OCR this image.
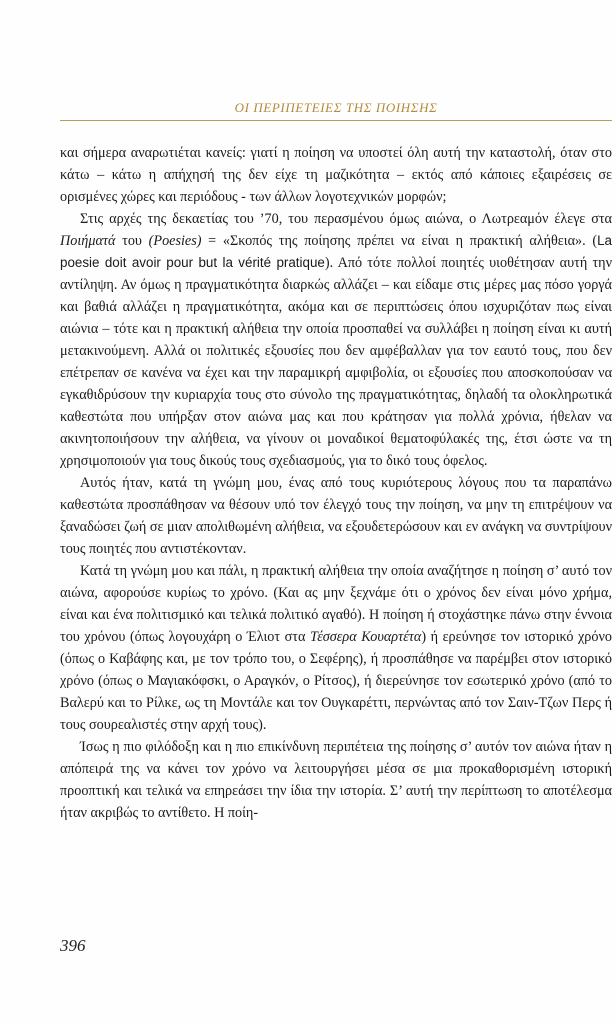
ΟΙ ΠΕΡΙΠΕΤΕΙΕΣ ΤΗΣ ΠΟΙΗΣΗΣ

και σήμερα αναρωτιέται κανείς: γιατί η ποίηση να υποστεί όλη αυτή την καταστολή, όταν στο κάτω – κάτω η απήχησή της δεν είχε τη μαζικότητα – εκτός από κάποιες εξαιρέσεις σε ορισμένες χώρες και περιόδους - των άλλων λογοτεχνικών μορφών;

Στις αρχές της δεκαετίας του ’70, του περασμένου όμως αιώνα, ο Λωτρεαμόν έλεγε στα Ποιήματά του (Poesies) = «Σκοπός της ποίησης πρέπει να είναι η πρακτική αλήθεια». (La poesie doit avoir pour but la vérité pratique). Από τότε πολλοί ποιητές υιοθέτησαν αυτή την αντίληψη. Αν όμως η πραγματικότητα διαρκώς αλλάζει – και είδαμε στις μέρες μας πόσο γοργά και βαθιά αλλάζει η πραγματικότητα, ακόμα και σε περιπτώσεις όπου ισχυριζόταν πως είναι αιώνια – τότε και η πρακτική αλήθεια την οποία προσπαθεί να συλλάβει η ποίηση είναι κι αυτή μετακινούμενη. Αλλά οι πολιτικές εξουσίες που δεν αμφέβαλλαν για τον εαυτό τους, που δεν επέτρεπαν σε κανένα να έχει και την παραμικρή αμφιβολία, οι εξουσίες που αποσκοπούσαν να εγκαθιδρύσουν την κυριαρχία τους στο σύνολο της πραγματικότητας, δηλαδή τα ολοκληρωτικά καθεστώτα που υπήρξαν στον αιώνα μας και που κράτησαν για πολλά χρόνια, ήθελαν να ακινητοποιήσουν την αλήθεια, να γίνουν οι μοναδικοί θεματοφύλακές της, έτσι ώστε να τη χρησιμοποιούν για τους δικούς τους σχεδιασμούς, για το δικό τους όφελος.

Αυτός ήταν, κατά τη γνώμη μου, ένας από τους κυριότερους λόγους που τα παραπάνω καθεστώτα προσπάθησαν να θέσουν υπό τον έλεγχό τους την ποίηση, να μην τη επιτρέψουν να ξαναδώσει ζωή σε μιαν απολιθωμένη αλήθεια, να εξουδετερώσουν και εν ανάγκη να συντρίψουν τους ποιητές που αντιστέκονταν.

Κατά τη γνώμη μου και πάλι, η πρακτική αλήθεια την οποία αναζήτησε η ποίηση σ’ αυτό τον αιώνα, αφορούσε κυρίως το χρόνο. (Και ας μην ξεχνάμε ότι ο χρόνος δεν είναι μόνο χρήμα, είναι και ένα πολιτισμικό και τελικά πολιτικό αγαθό). Η ποίηση ή στοχάστηκε πάνω στην έννοια του χρόνου (όπως λογουχάρη ο Έλιοτ στα Τέσσερα Κουαρτέτα) ή ερεύνησε τον ιστορικό χρόνο (όπως ο Καβάφης και, με τον τρόπο του, ο Σεφέρης), ή προσπάθησε να παρέμβει στον ιστορικό χρόνο (όπως ο Μαγιακόφσκι, ο Αραγκόν, ο Ρίτσος), ή διερεύνησε τον εσωτερικό χρόνο (από το Βαλερύ και το Ρίλκε, ως τη Μοντάλε και τον Ουγκαρέττι, περνώντας από τον Σαιν-Τζων Περς ή τους σουρεαλιστές στην αρχή τους).

Ίσως η πιο φιλόδοξη και η πιο επικίνδυνη περιπέτεια της ποίησης σ’ αυτόν τον αιώνα ήταν η απόπειρά της να κάνει τον χρόνο να λειτουργήσει μέσα σε μια προκαθορισμένη ιστορική προοπτική και τελικά να επηρεάσει την ίδια την ιστορία. Σ’ αυτή την περίπτωση το αποτέλεσμα ήταν ακριβώς το αντίθετο. Η ποίη-

396
